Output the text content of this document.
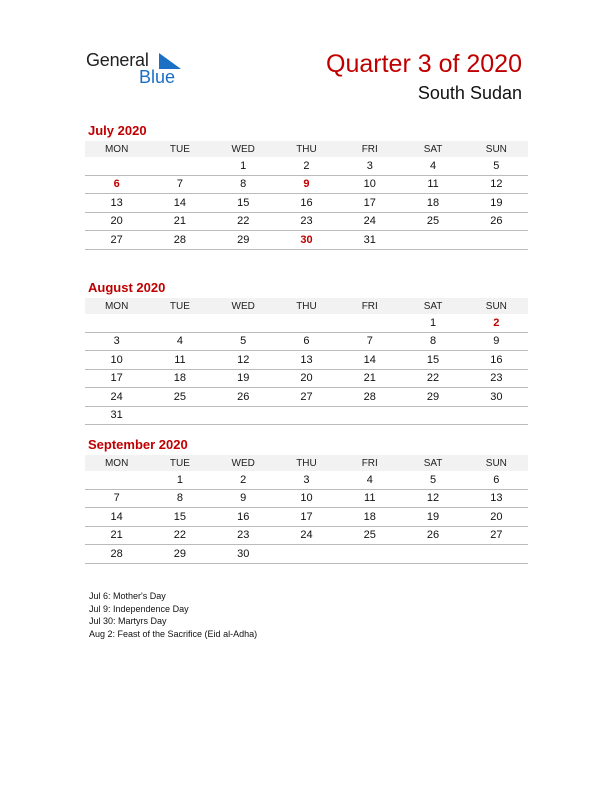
General
Blue	Quarter 3 of 2020
South Sudan
July 2020
MON	TUE	WED	THU	FRI	SAT	SUN
		1	2	3	4	5
6	7	8	9	10	11	12
13	14	15	16	17	18	19
20	21	22	23	24	25	26
27	28	29	30	31		
August 2020
MON	TUE	WED	THU	FRI	SAT	SUN
					1	2
3	4	5	6	7	8	9
10	11	12	13	14	15	16
17	18	19	20	21	22	23
24	25	26	27	28	29	30
31						
September 2020
MON	TUE	WED	THU	FRI	SAT	SUN
	1	2	3	4	5	6
7	8	9	10	11	12	13
14	15	16	17	18	19	20
21	22	23	24	25	26	27
28	29	30				
Jul 6: Mother's Day
Jul 9: Independence Day
Jul 30: Martyrs Day
Aug 2: Feast of the Sacrifice (Eid al-Adha)
